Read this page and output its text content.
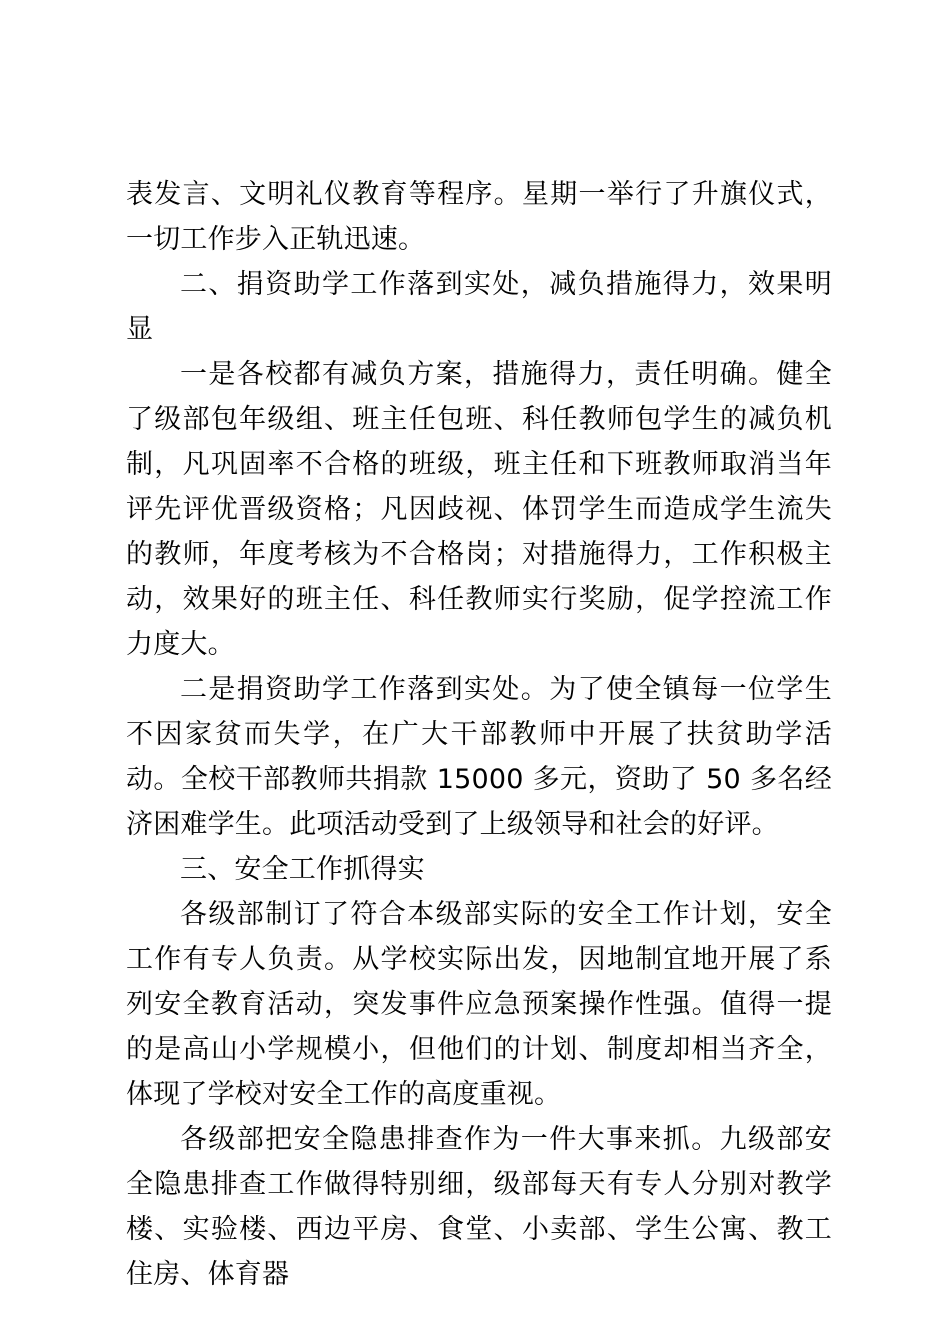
表发言、文明礼仪教育等程序。星期一举行了升旗仪式，一切工作步入正轨迅速。

二、捐资助学工作落到实处，减负措施得力，效果明显

一是各校都有减负方案，措施得力，责任明确。健全了级部包年级组、班主任包班、科任教师包学生的减负机制，凡巩固率不合格的班级，班主任和下班教师取消当年评先评优晋级资格；凡因歧视、体罚学生而造成学生流失的教师，年度考核为不合格岗；对措施得力，工作积极主动，效果好的班主任、科任教师实行奖励，促学控流工作力度大。

二是捐资助学工作落到实处。为了使全镇每一位学生不因家贫而失学，在广大干部教师中开展了扶贫助学活动。全校干部教师共捐款 15000 多元，资助了 50 多名经济困难学生。此项活动受到了上级领导和社会的好评。

三、安全工作抓得实

各级部制订了符合本级部实际的安全工作计划，安全工作有专人负责。从学校实际出发，因地制宜地开展了系列安全教育活动，突发事件应急预案操作性强。值得一提的是高山小学规模小，但他们的计划、制度却相当齐全，体现了学校对安全工作的高度重视。

各级部把安全隐患排查作为一件大事来抓。九级部安全隐患排查工作做得特别细，级部每天有专人分别对教学楼、实验楼、西边平房、食堂、小卖部、学生公寓、教工住房、体育器
